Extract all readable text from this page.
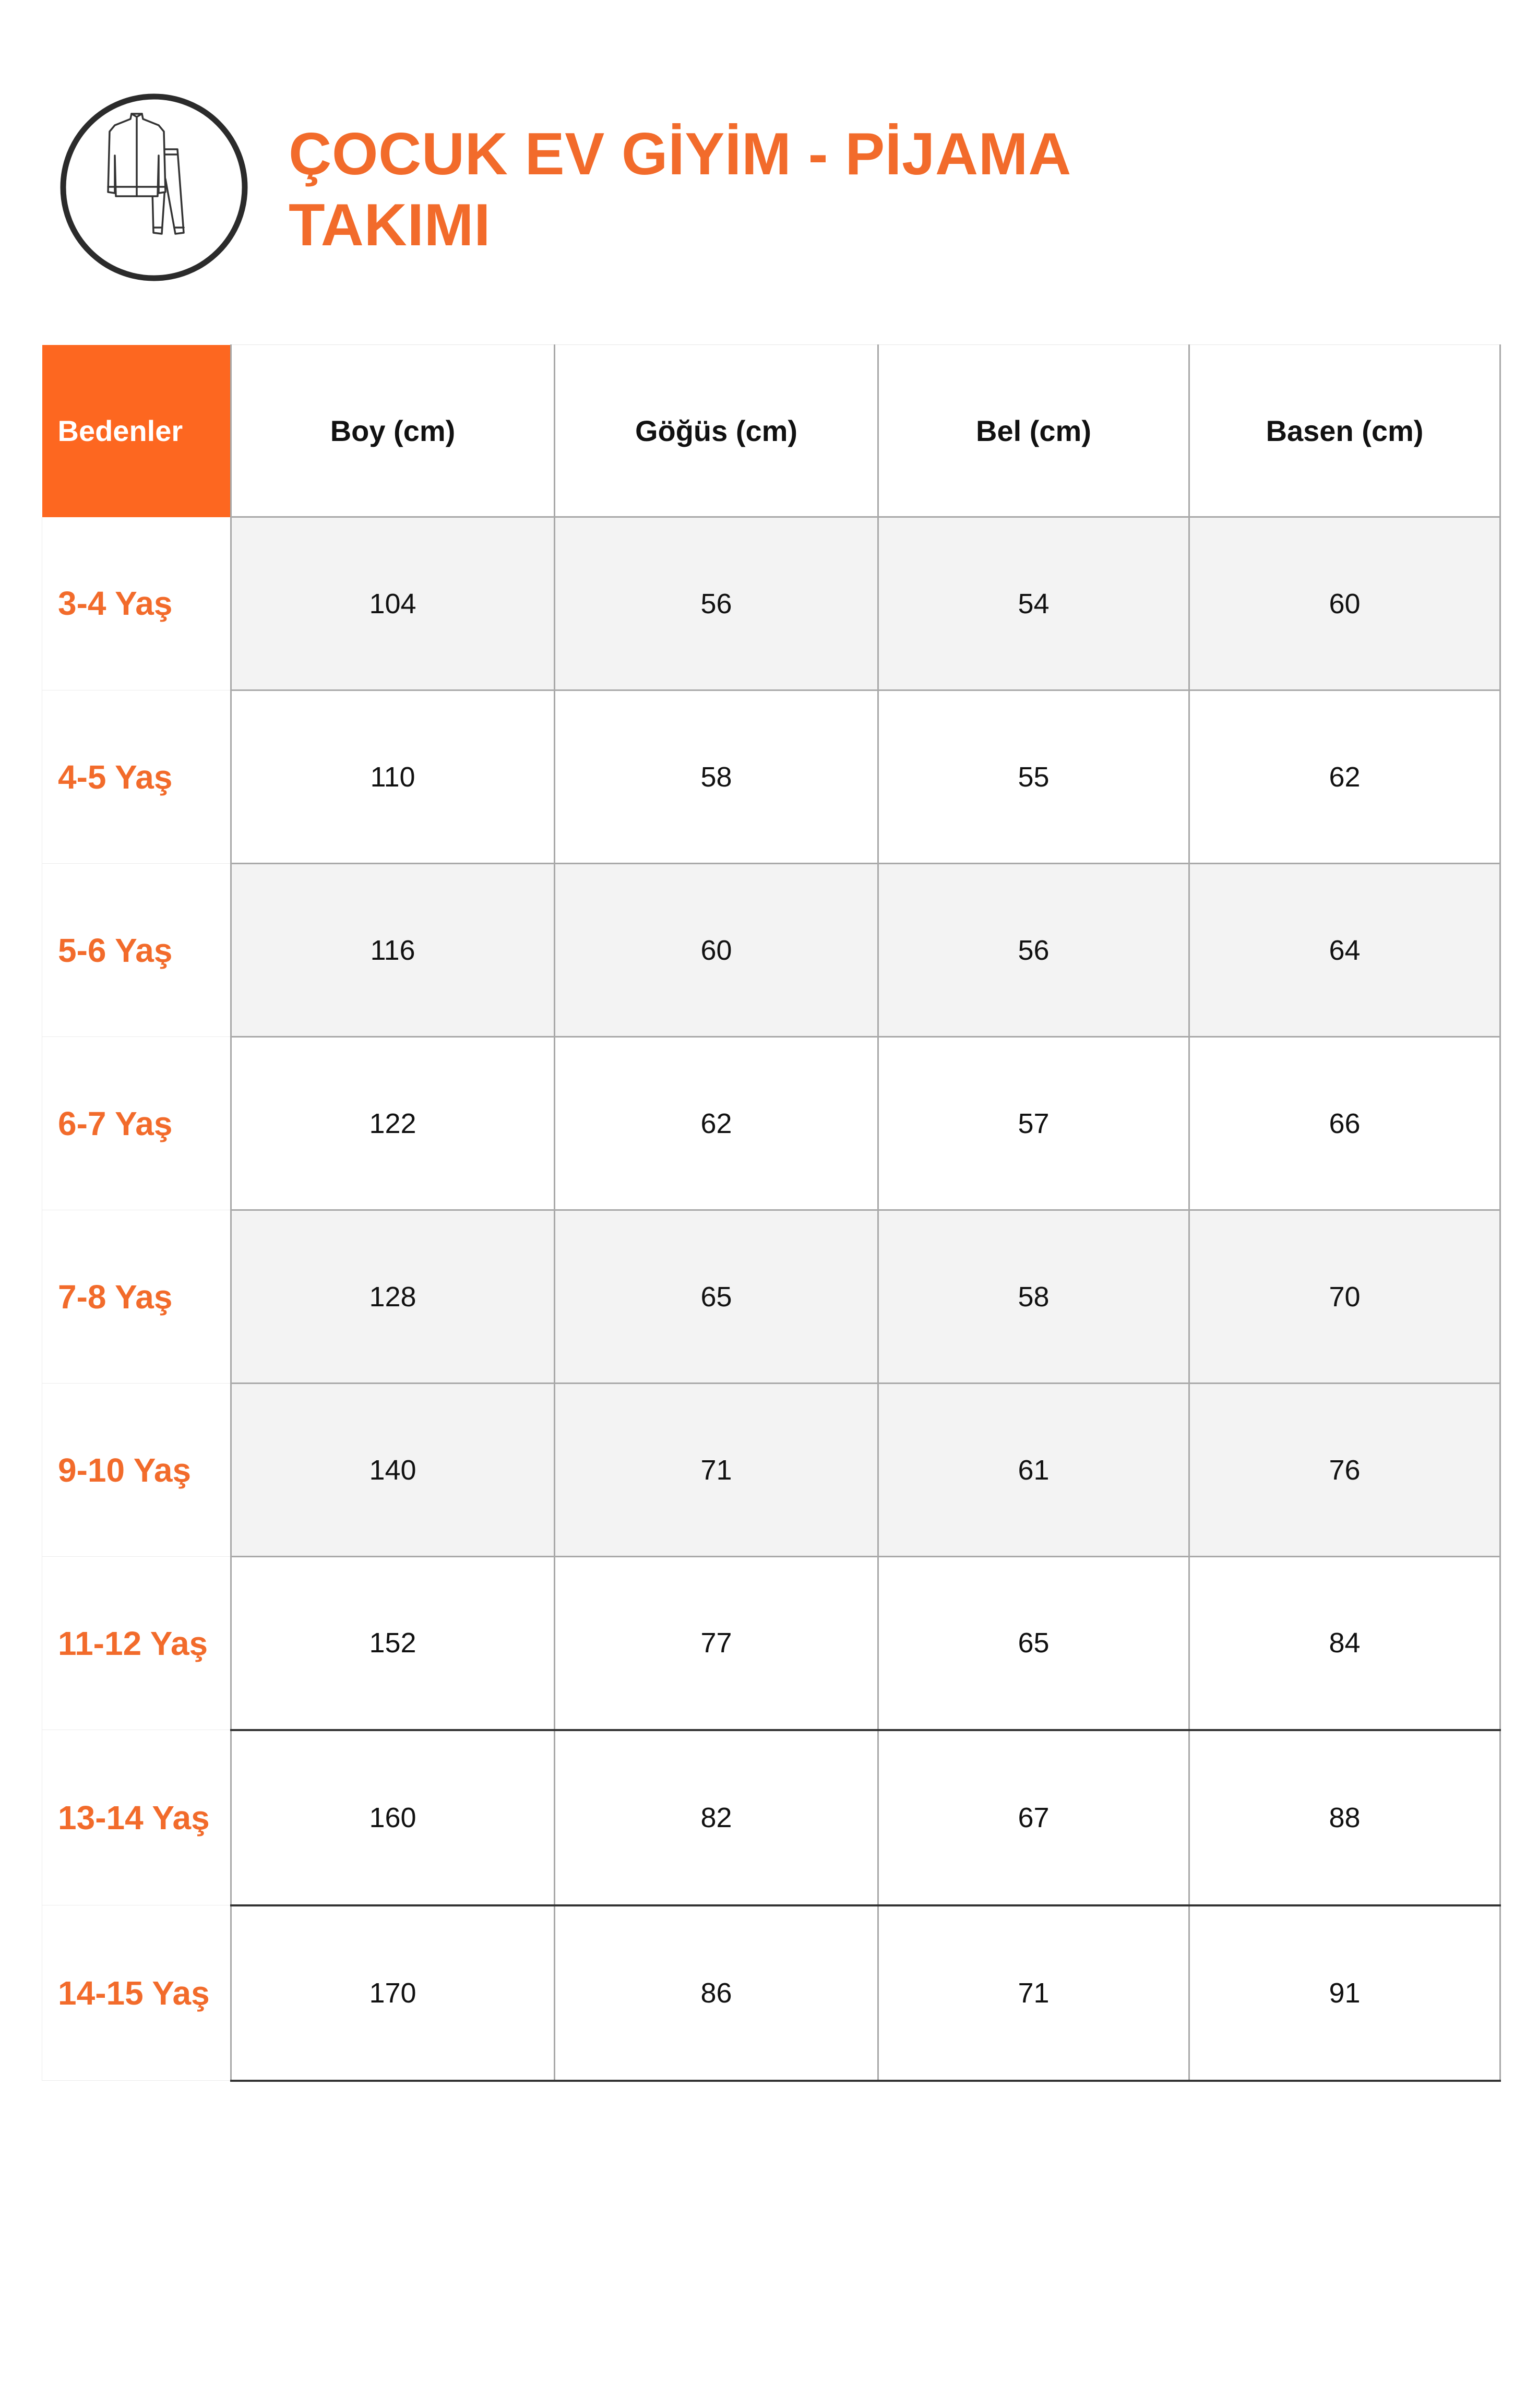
ÇOCUK EV GİYİM - PİJAMA
TAKIMI
Bedenler	Boy (cm)	Göğüs (cm)	Bel (cm)	Basen (cm)
3-4 Yaş	104	56	54	60
4-5 Yaş	110	58	55	62
5-6 Yaş	116	60	56	64
6-7 Yaş	122	62	57	66
7-8 Yaş	128	65	58	70
9-10 Yaş	140	71	61	76
11-12 Yaş	152	77	65	84
13-14 Yaş	160	82	67	88
14-15 Yaş	170	86	71	91
